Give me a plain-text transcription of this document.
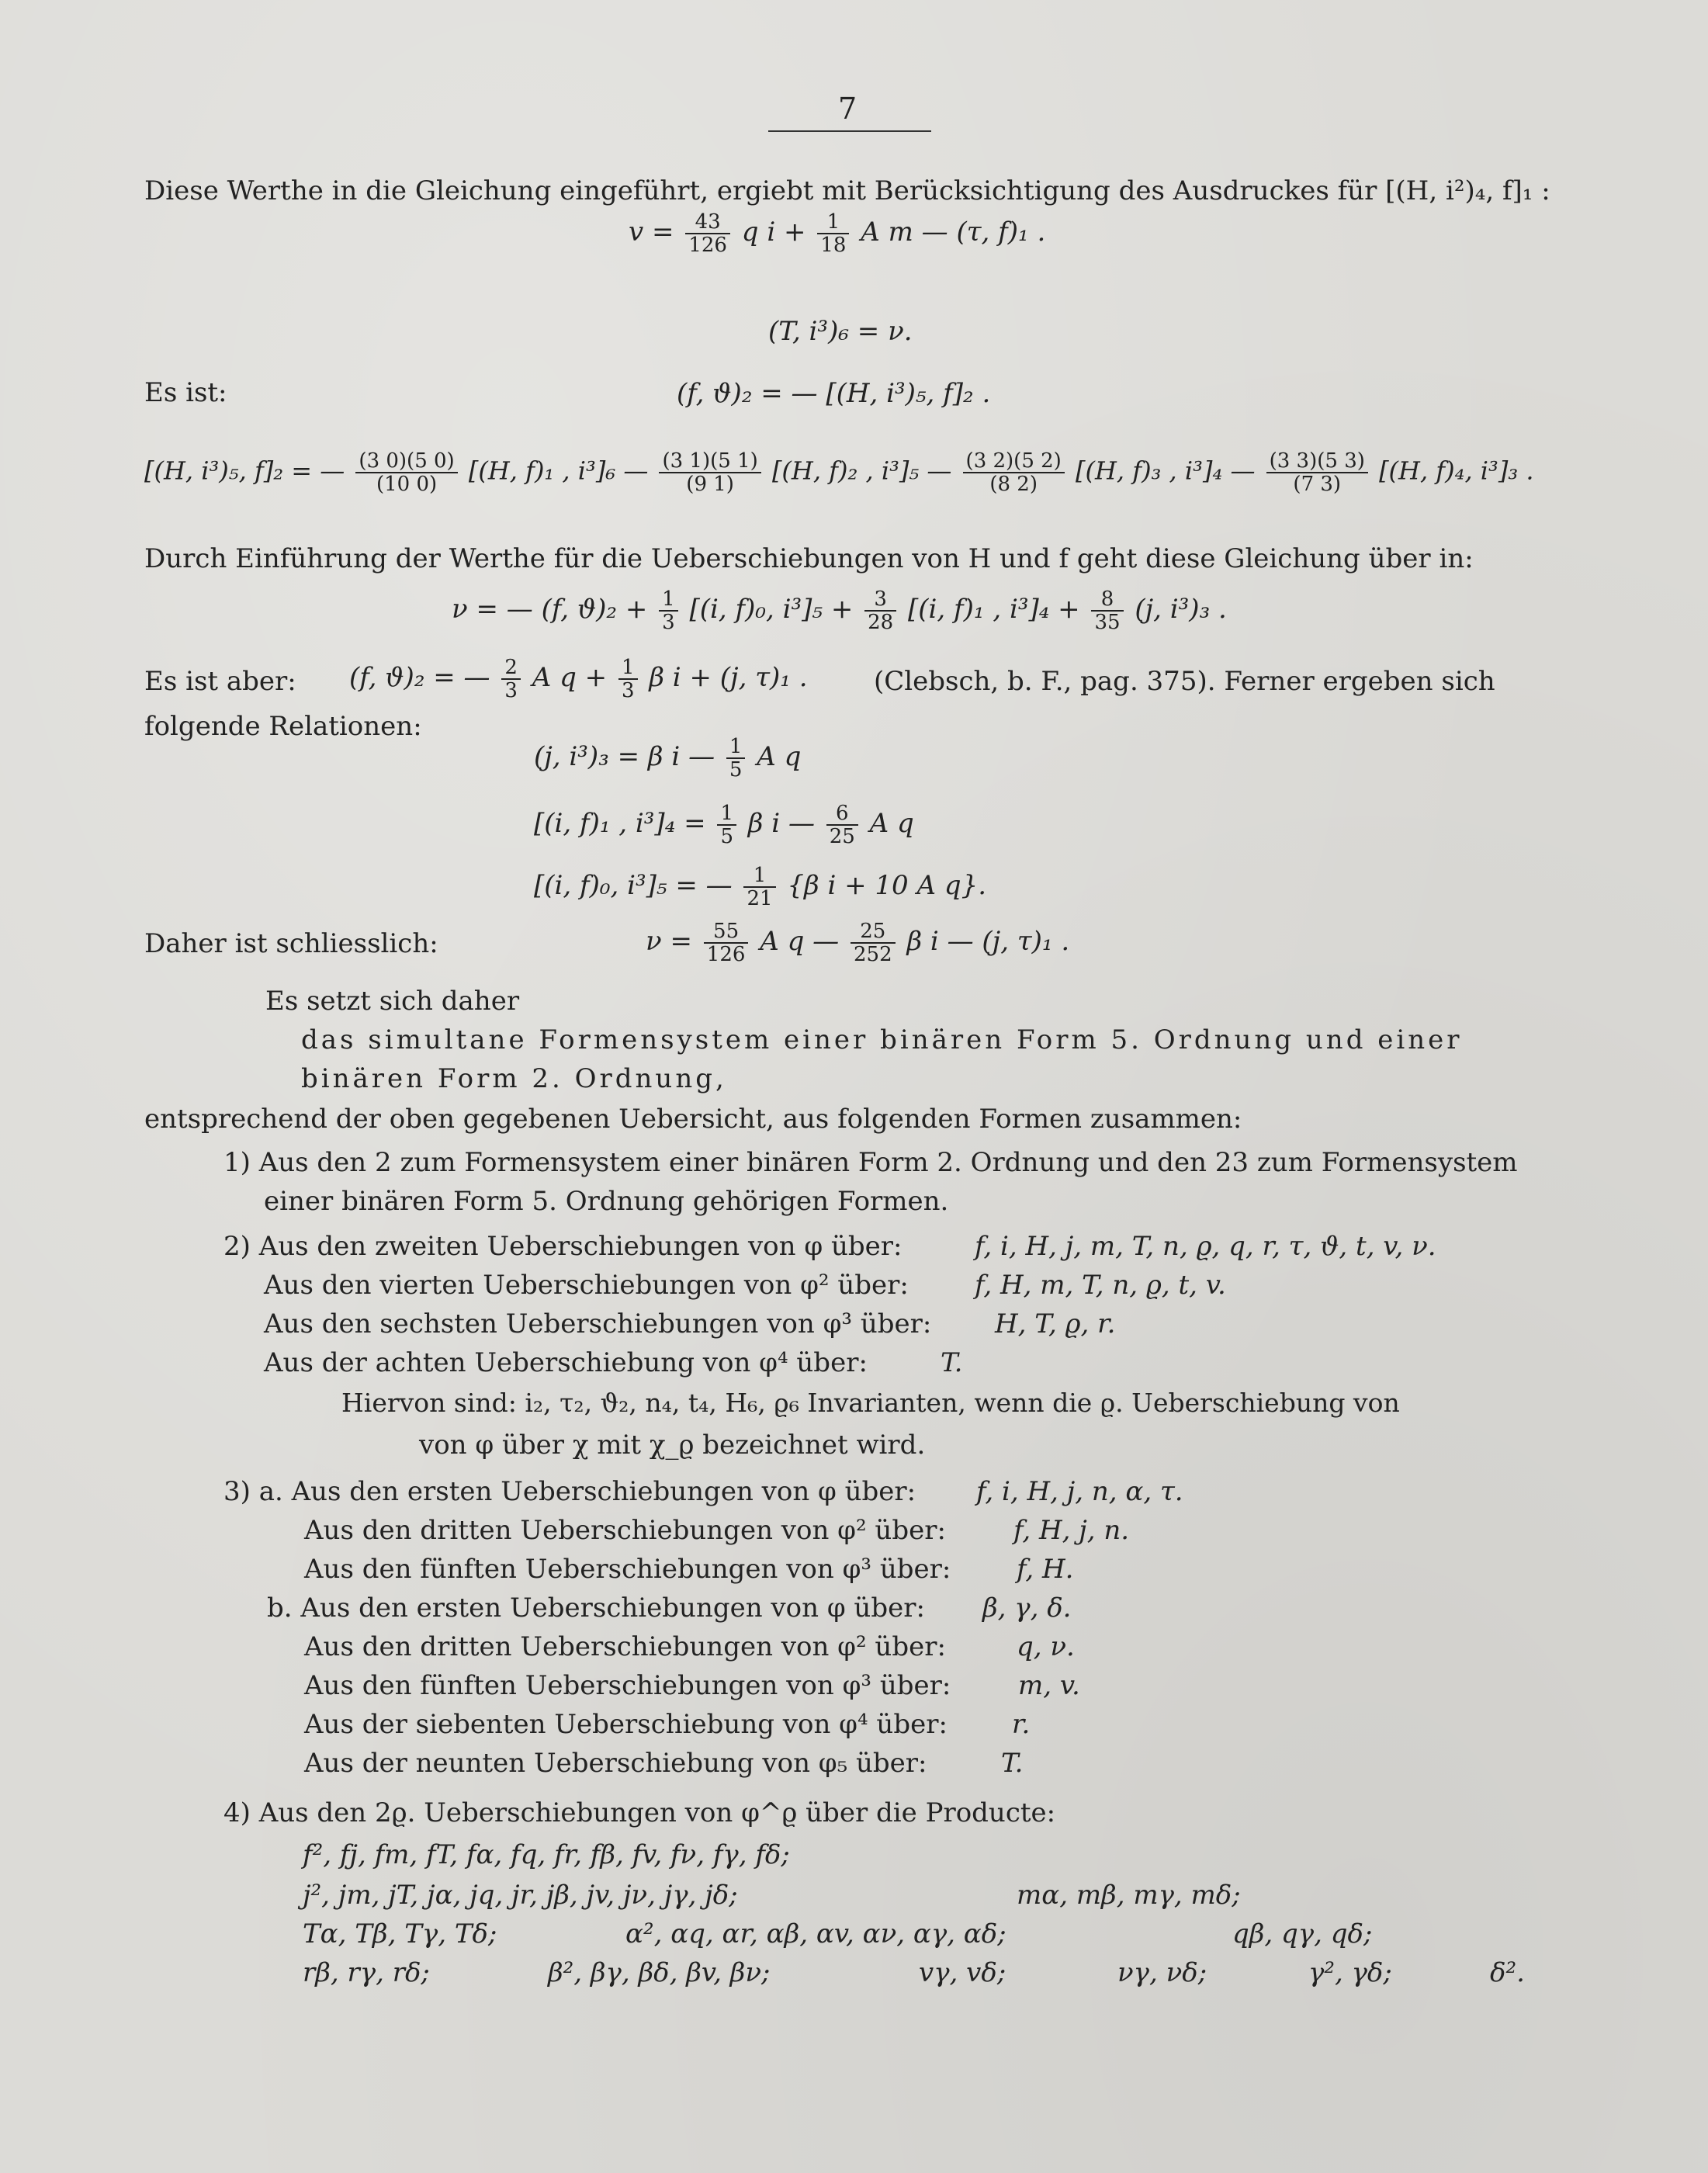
7
Diese Werthe in die Gleichung eingeführt, ergiebt mit Berücksichtigung des Ausdruckes für [(H, i²)₄, f]₁ :
$v = \frac{43}{126}$ q $i + \frac{1}{18}$ A m — (τ, f)₁ .
(T, i³)₆ = ν.
Es ist:	(f, ϑ)₂ = — [(H, i³)₅, f]₂ .
[(H, i³)₅, f]₂ = — $\frac{(3 0)(5 0)}{(10 0)} [(H$, f)₁ , i³]₆ — $\frac{(3 1)(5 1)}{(9 1)} [(H$, f)₂ , i³]₅ — $\frac{(3 2)(5 2)}{(8 2)} [(H$, f)₃ , i³]₄ — $\frac{(3 3)(5 3)}{(7 3)} [(H$, f)₄, i³]₃ .
Durch Einführung der Werthe für die Ueberschiebungen von H und f geht diese Gleichung über in:
ν = — (f, $ϑ)_2 + \frac{1}{3} [(i$, f)₀, $i^3]_5 + \frac{3}{28} [(i$, f)₁ , $i^3]_4 + \frac{8}{35} (j$, i³)₃ .
Es ist aber: (f, ϑ)₂ = — $\frac{2}{3}$ A $q + \frac{1}{3}$ β i + (j, τ)₁ .	(Clebsch, b. F., pag. 375). Ferner ergeben sich
folgende Relationen:
(j, i³)₃ = β i — $\frac{1}{5}$ A q
[(i, f)₁ , $i^3]_4 = \frac{1}{5}$ β i — $\frac{6}{25}$ A q
[(i, f)₀, i³]₅ = — $\frac{1}{21} \{\beta$ i + 10 A q}.
Daher ist schliesslich:	$\nu = \frac{55}{126}$ A q — $\frac{25}{252}$ β i — (j, τ)₁ .
Es setzt sich daher
das simultane Formensystem einer binären Form 5. Ordnung und einer
binären Form 2. Ordnung,
entsprechend der oben gegebenen Uebersicht, aus folgenden Formen zusammen:
1) Aus den 2 zum Formensystem einer binären Form 2. Ordnung und den 23 zum Formensystem
einer binären Form 5. Ordnung gehörigen Formen.
2) Aus den zweiten Ueberschiebungen von φ über:	f, i, H, j, m, T, n, ϱ, q, r, τ, ϑ, t, v, ν.
Aus den vierten Ueberschiebungen von φ² über:	f, H, m, T, n, ϱ, t, v.
Aus den sechsten Ueberschiebungen von φ³ über: H, T, ϱ, r.
Aus der achten Ueberschiebung von φ⁴ über:	T.
Hiervon sind: i₂, τ₂, ϑ₂, n₄, t₄, H₆, ϱ₆ Invarianten, wenn die ϱ. Ueberschiebung von
von φ über χ mit χ_ϱ bezeichnet wird.
3) a. Aus den ersten Ueberschiebungen von φ über: f, i, H, j, n, α, τ.
Aus den dritten Ueberschiebungen von φ² über:	f, H, j, n.
Aus den fünften Ueberschiebungen von φ³ über: f, H.
b. Aus den ersten Ueberschiebungen von φ über: β, γ, δ.
Aus den dritten Ueberschiebungen von φ² über:	q, ν.
Aus den fünften Ueberschiebungen von φ³ über:	m, v.
Aus der siebenten Ueberschiebung von φ⁴ über: r.
Aus der neunten Ueberschiebung von φ₅ über:	T.
4) Aus den 2ϱ. Ueberschiebungen von φ^ϱ über die Producte:
f², fj, fm, fT, fα, fq, fr, fβ, fv, fν, fγ, fδ;
j², jm, jT, jα, jq, jr, jβ, jv, jν, jγ, jδ;	mα, mβ, mγ, mδ;
Tα, Tβ, Tγ, Tδ;	α², αq, αr, αβ, αv, αν, αγ, αδ;	qβ, qγ, qδ;
rβ, rγ, rδ;	β², βγ, βδ, βv, βν;	vγ, vδ;	νγ, νδ;	γ², γδ;	δ².
